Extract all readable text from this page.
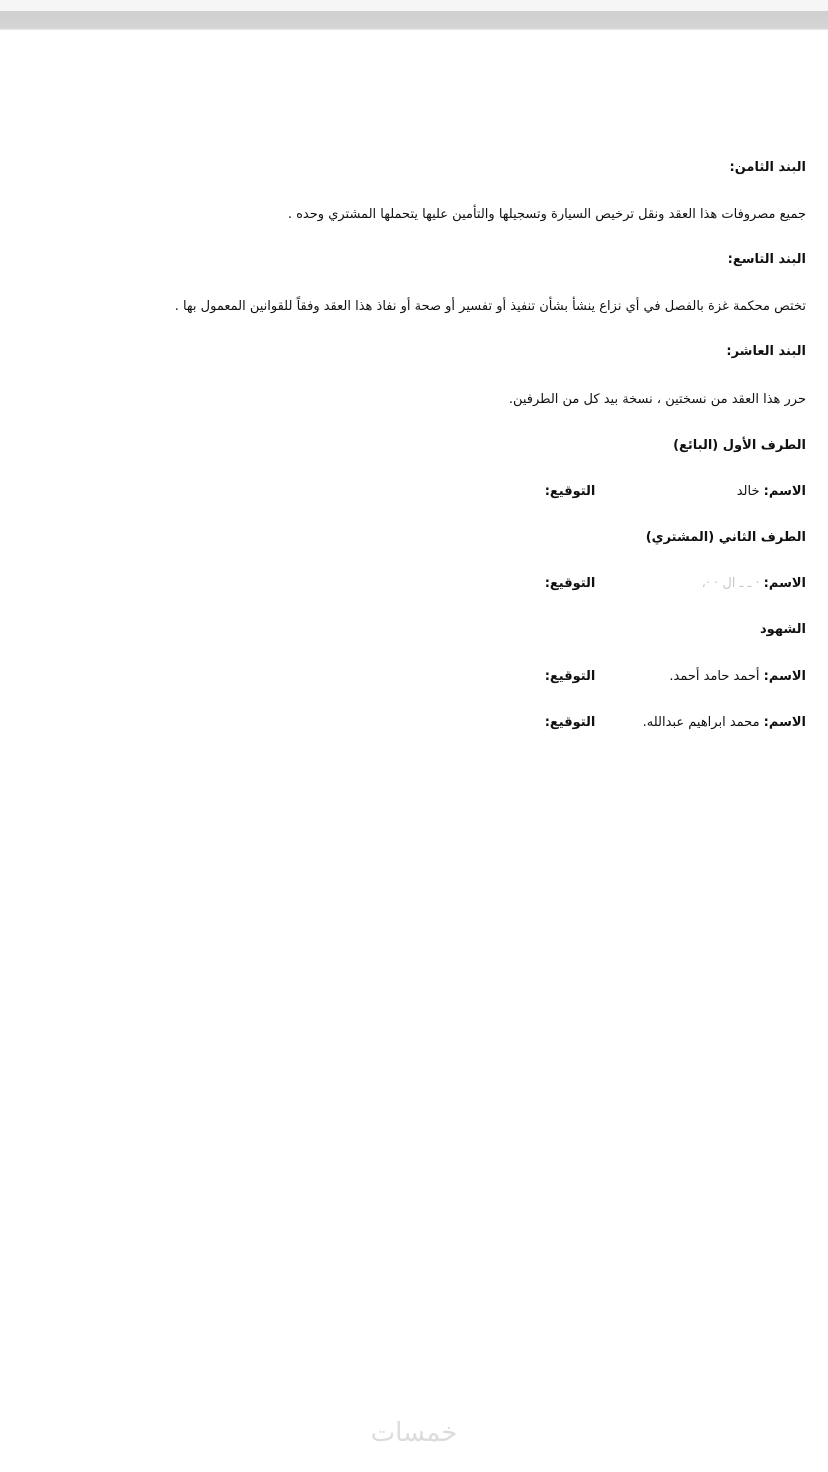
البند الثامن:
جميع مصروفات هذا العقد ونقل ترخيص السيارة وتسجيلها والتأمين عليها يتحملها المشتري وحده .
البند التاسع:
تختص محكمة غزة بالفصل في أي نزاع ينشأ بشأن تنفيذ أو تفسير أو صحة أو نفاذ هذا العقد وفقاً للقوانين المعمول بها .
البند العاشر:
حرر هذا العقد من نسختين ، نسخة بيد كل من الطرفين.
الطرف الأول (البائع)
الاسم: خالد التوقيع:
الطرف الثاني (المشتري)
الاسم: · ـ ـ ال · ·، التوقيع:
الشهود
الاسم: أحمد حامد أحمد. التوقيع:
الاسم: محمد ابراهيم عبدالله. التوقيع:
خمسات
